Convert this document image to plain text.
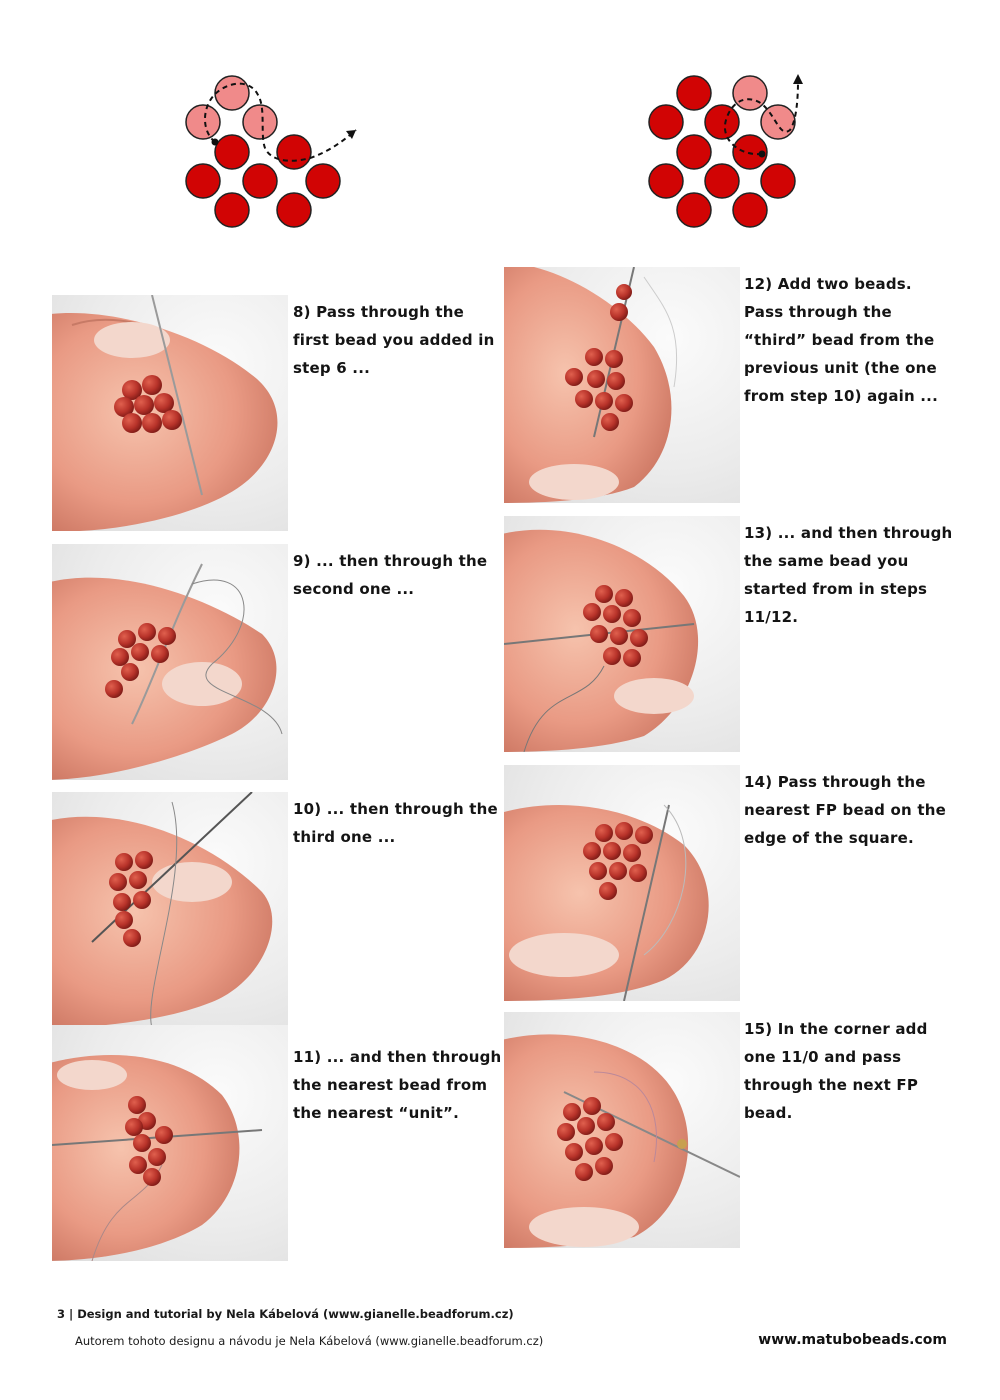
8) Pass through the first bead you added in step 6 ...
9) ... then through the second one ...
10) ... then through the third one ...
11) ... and then through the nearest bead from the nearest “unit”.
12) Add two beads. Pass through the “third” bead from the previous unit (the one from step 10) again ...
13) ... and then through the same bead you started from in steps 11/12.
14) Pass through the nearest FP bead on the edge of the square.
15) In the corner add one 11/0 and pass through the next FP bead.
3 | Design and tutorial by Nela Kábelová (www.gianelle.beadforum.cz)
Autorem tohoto designu a návodu je Nela Kábelová (www.gianelle.beadforum.cz)	www.matubobeads.com
